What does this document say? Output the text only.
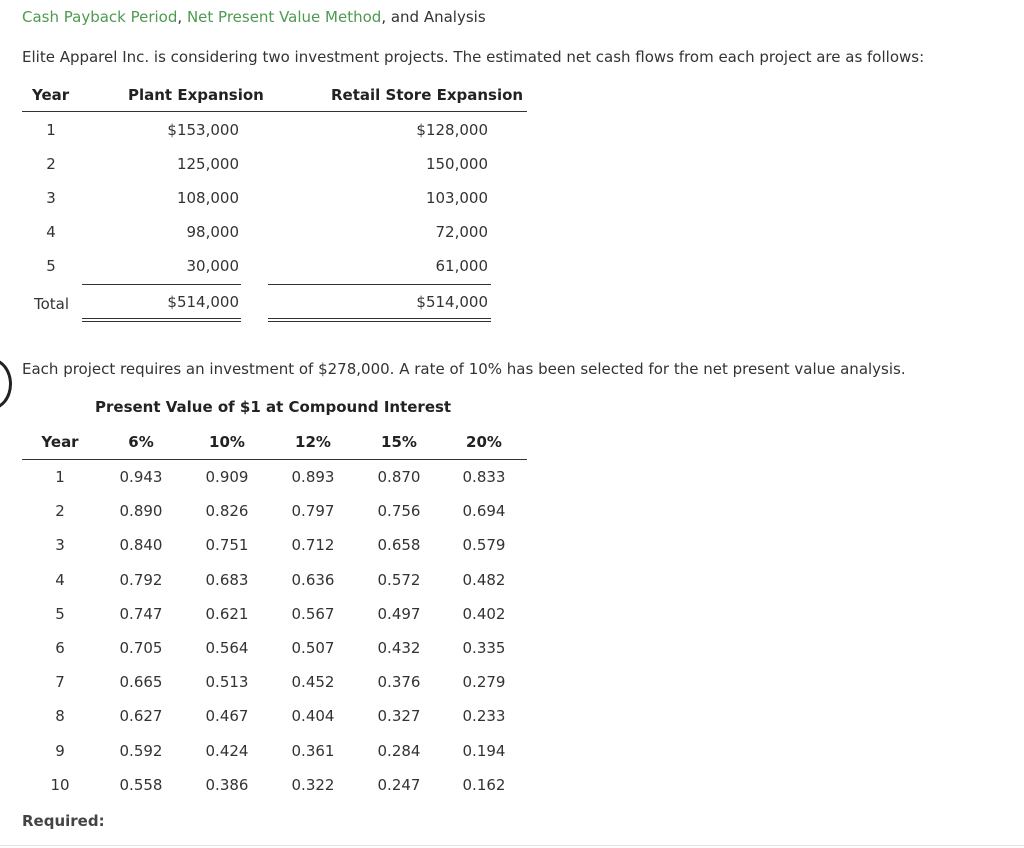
Cash Payback Period, Net Present Value Method, and Analysis
Elite Apparel Inc. is considering two investment projects. The estimated net cash flows from each project are as follows:
Year	Plant Expansion	Retail Store Expansion
1	$153,000	$128,000
2	125,000	150,000
3	108,000	103,000
4	98,000	72,000
5	30,000	61,000
Total	$514,000	$514,000
Each project requires an investment of $278,000. A rate of 10% has been selected for the net present value analysis.
Present Value of $1 at Compound Interest
Year	6%	10%	12%	15%	20%
1	0.943	0.909	0.893	0.870	0.833
2	0.890	0.826	0.797	0.756	0.694
3	0.840	0.751	0.712	0.658	0.579
4	0.792	0.683	0.636	0.572	0.482
5	0.747	0.621	0.567	0.497	0.402
6	0.705	0.564	0.507	0.432	0.335
7	0.665	0.513	0.452	0.376	0.279
8	0.627	0.467	0.404	0.327	0.233
9	0.592	0.424	0.361	0.284	0.194
10	0.558	0.386	0.322	0.247	0.162
Required:
